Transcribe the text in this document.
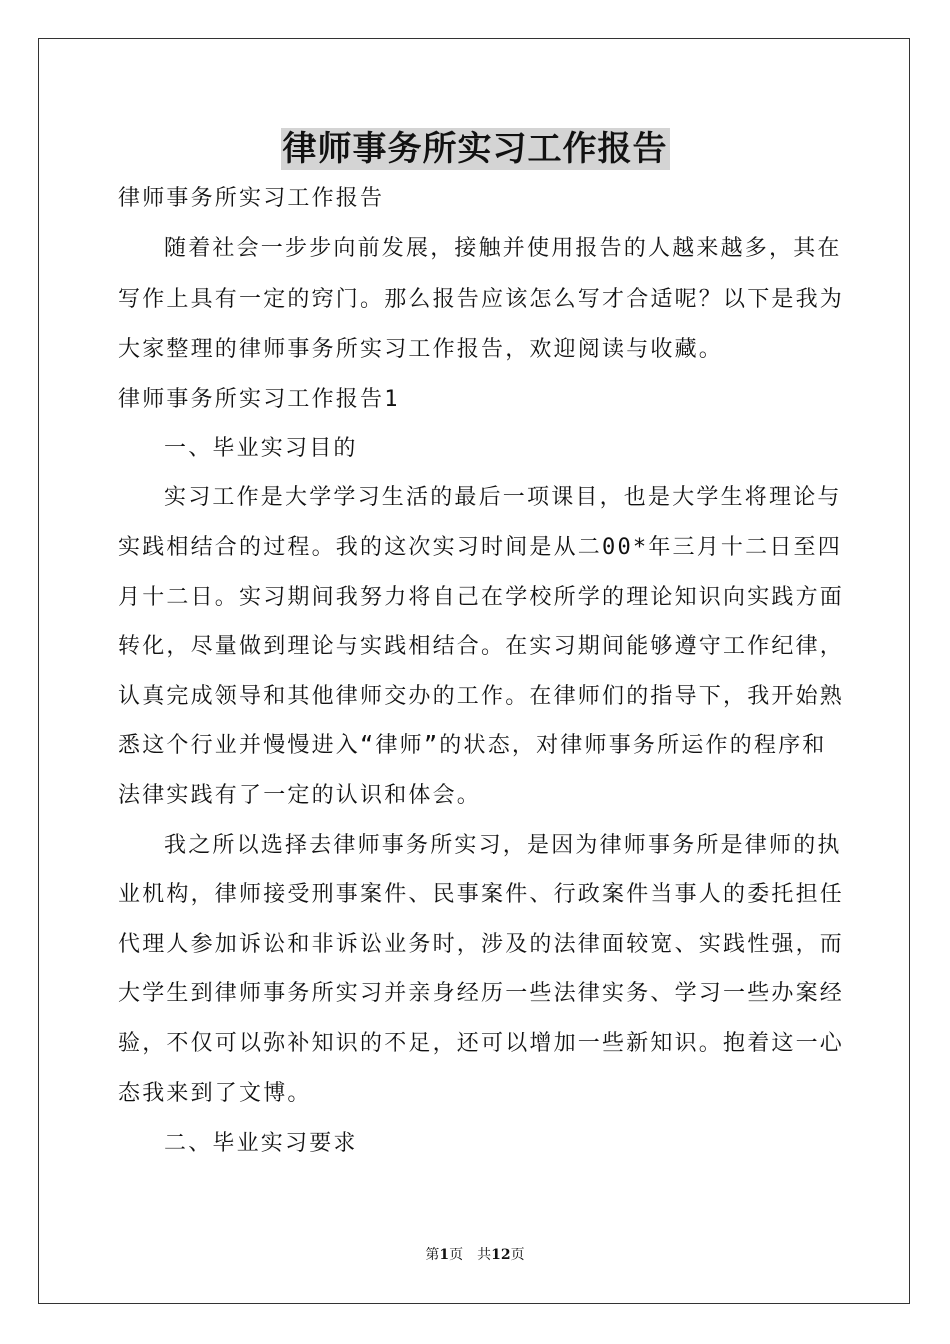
律师事务所实习工作报告
律师事务所实习工作报告
随着社会一步步向前发展，接触并使用报告的人越来越多，其在
写作上具有一定的窍门。那么报告应该怎么写才合适呢？以下是我为
大家整理的律师事务所实习工作报告，欢迎阅读与收藏。
律师事务所实习工作报告1
一、毕业实习目的
实习工作是大学学习生活的最后一项课目，也是大学生将理论与
实践相结合的过程。我的这次实习时间是从二00*年三月十二日至四
月十二日。实习期间我努力将自己在学校所学的理论知识向实践方面
转化，尽量做到理论与实践相结合。在实习期间能够遵守工作纪律，
认真完成领导和其他律师交办的工作。在律师们的指导下，我开始熟
悉这个行业并慢慢进入“律师”的状态，对律师事务所运作的程序和
法律实践有了一定的认识和体会。
我之所以选择去律师事务所实习，是因为律师事务所是律师的执
业机构，律师接受刑事案件、民事案件、行政案件当事人的委托担任
代理人参加诉讼和非诉讼业务时，涉及的法律面较宽、实践性强，而
大学生到律师事务所实习并亲身经历一些法律实务、学习一些办案经
验，不仅可以弥补知识的不足，还可以增加一些新知识。抱着这一心
态我来到了文博。
二、毕业实习要求
第1页　共12页
